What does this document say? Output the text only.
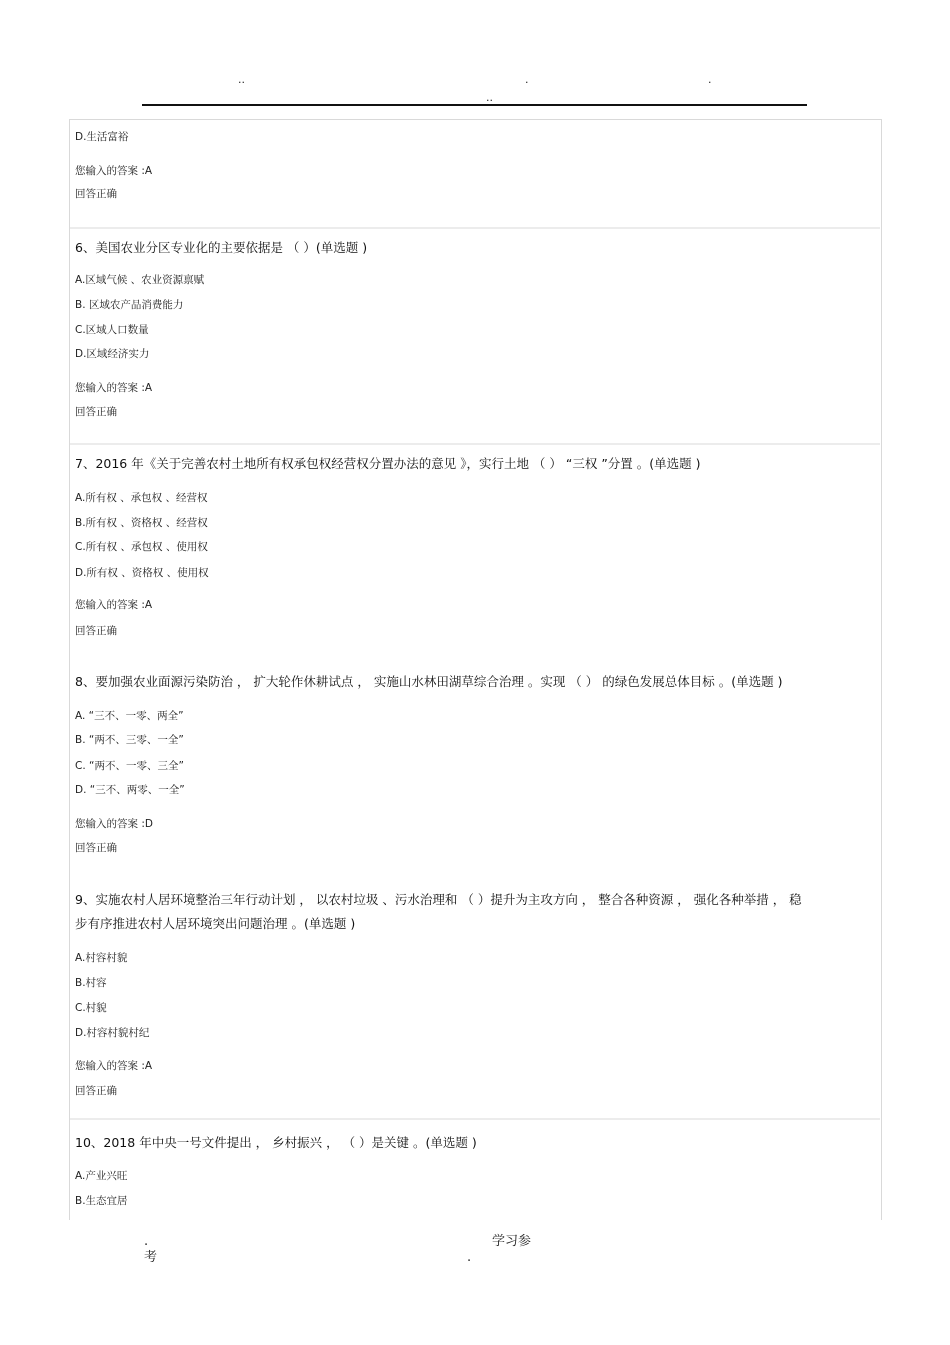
..	.	.
..
D.生活富裕
您输入的答案 :A
回答正确
6、美国农业分区专业化的主要依据是 （ ）(单选题 )
A.区域气候 、农业资源禀赋
B. 区域农产品消费能力
C.区域人口数量
D.区域经济实力
您输入的答案 :A
回答正确
7、2016 年《关于完善农村土地所有权承包权经营权分置办法的意见 》，实行土地 （ ） “三权 ”分置 。(单选题 )
A.所有权 、承包权 、经营权
B.所有权 、资格权 、经营权
C.所有权 、承包权 、使用权
D.所有权 、资格权 、使用权
您输入的答案 :A
回答正确
8、要加强农业面源污染防治 ， 扩大轮作休耕试点 ， 实施山水林田湖草综合治理 。实现 （ ） 的绿色发展总体目标 。(单选题 )
A. “三不、一零、两全”
B. “两不、三零、一全”
C. “两不、一零、三全”
D. “三不、两零、一全”
您输入的答案 :D
回答正确
9、实施农村人居环境整治三年行动计划 ， 以农村垃圾 、污水治理和 （ ）提升为主攻方向 ， 整合各种资源 ， 强化各种举措 ， 稳
步有序推进农村人居环境突出问题治理 。(单选题 )
A.村容村貌
B.村容
C.村貌
D.村容村貌村纪
您输入的答案 :A
回答正确
10、2018 年中央一号文件提出 ， 乡村振兴 ， （ ）是关键 。(单选题 )
A.产业兴旺
B.生态宜居
.
考
学习参
.
